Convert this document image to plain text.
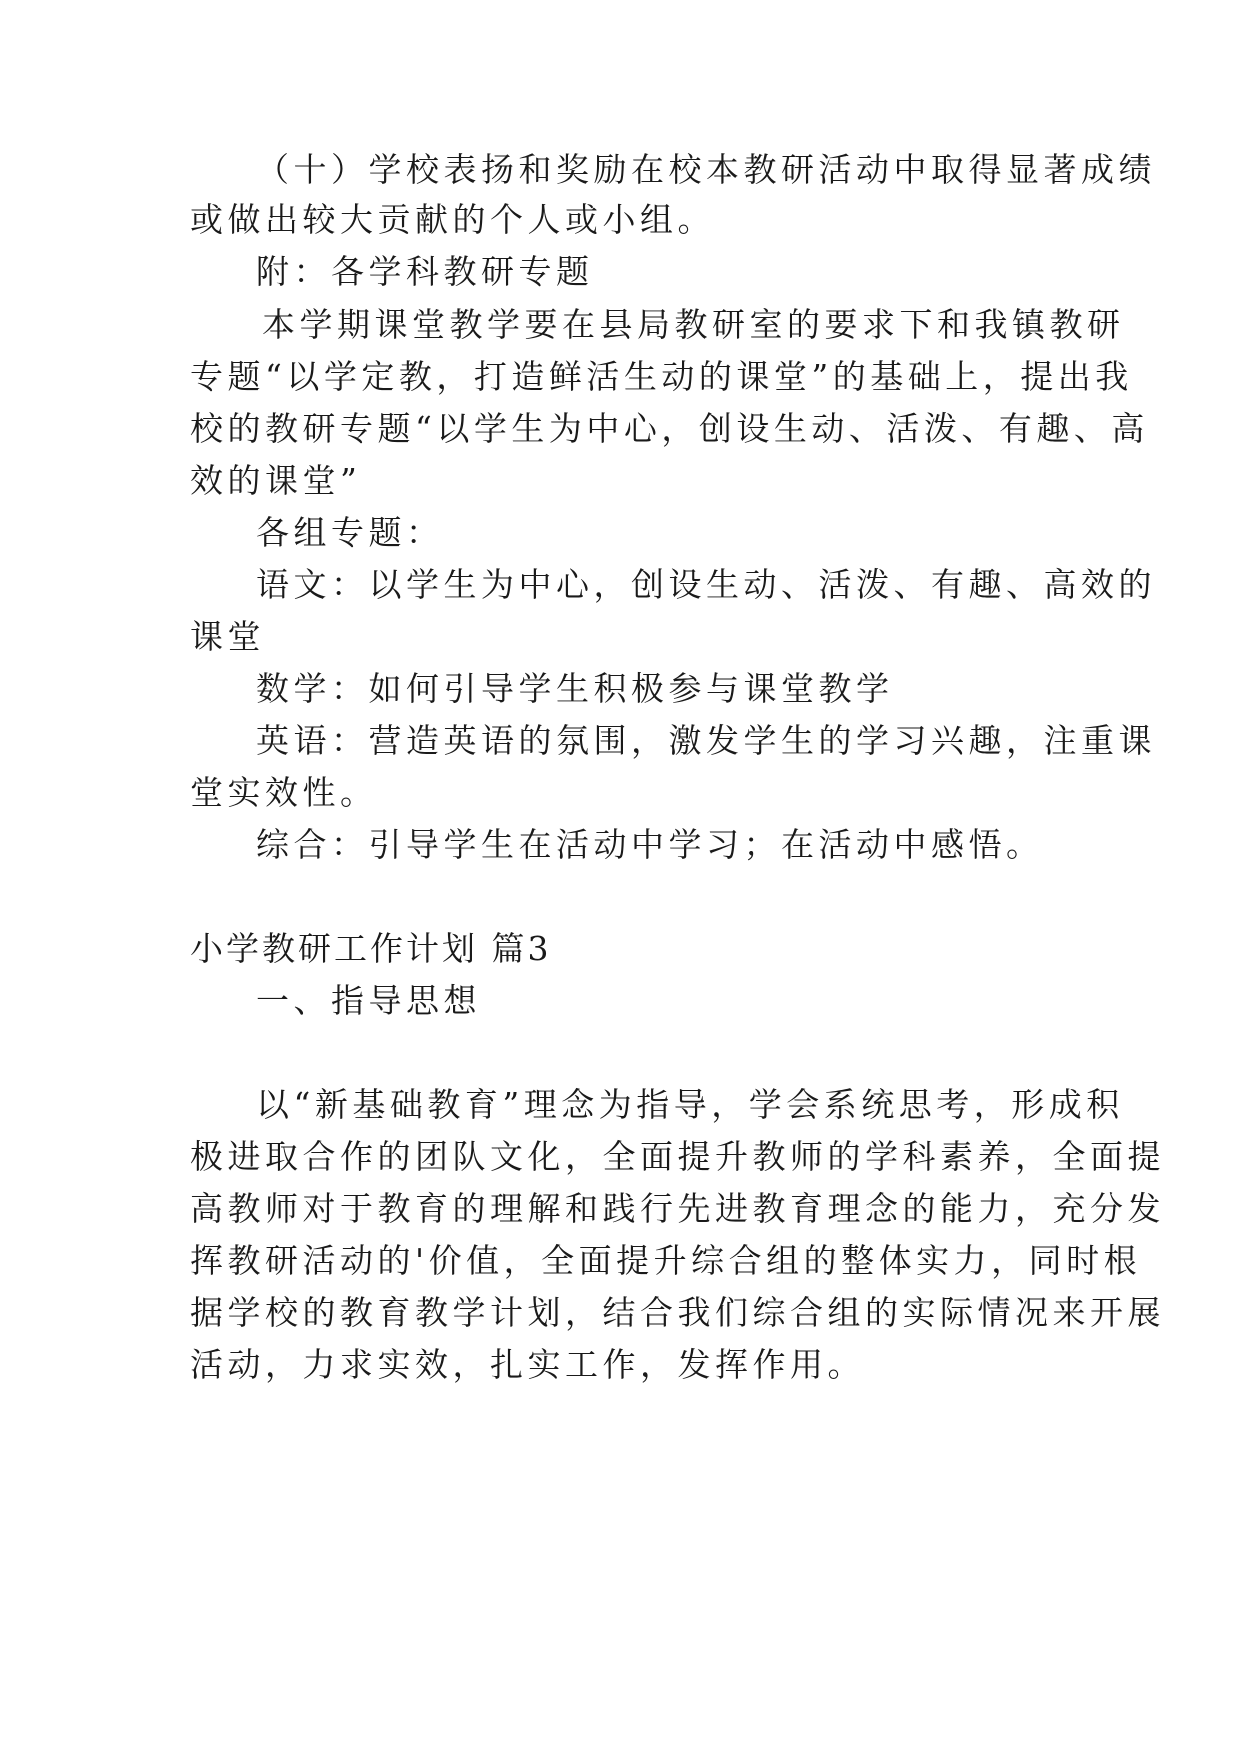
（十）学校表扬和奖励在校本教研活动中取得显著成绩
或做出较大贡献的个人或小组。
附：各学科教研专题
本学期课堂教学要在县局教研室的要求下和我镇教研
专题“以学定教，打造鲜活生动的课堂”的基础上，提出我
校的教研专题“以学生为中心，创设生动、活泼、有趣、高
效的课堂”
各组专题：
语文：以学生为中心，创设生动、活泼、有趣、高效的
课堂
数学：如何引导学生积极参与课堂教学
英语：营造英语的氛围，激发学生的学习兴趣，注重课
堂实效性。
综合：引导学生在活动中学习；在活动中感悟。
小学教研工作计划 篇3
一、指导思想
以“新基础教育”理念为指导，学会系统思考，形成积
极进取合作的团队文化，全面提升教师的学科素养，全面提
高教师对于教育的理解和践行先进教育理念的能力，充分发
挥教研活动的'价值，全面提升综合组的整体实力，同时根
据学校的教育教学计划，结合我们综合组的实际情况来开展
活动，力求实效，扎实工作，发挥作用。
